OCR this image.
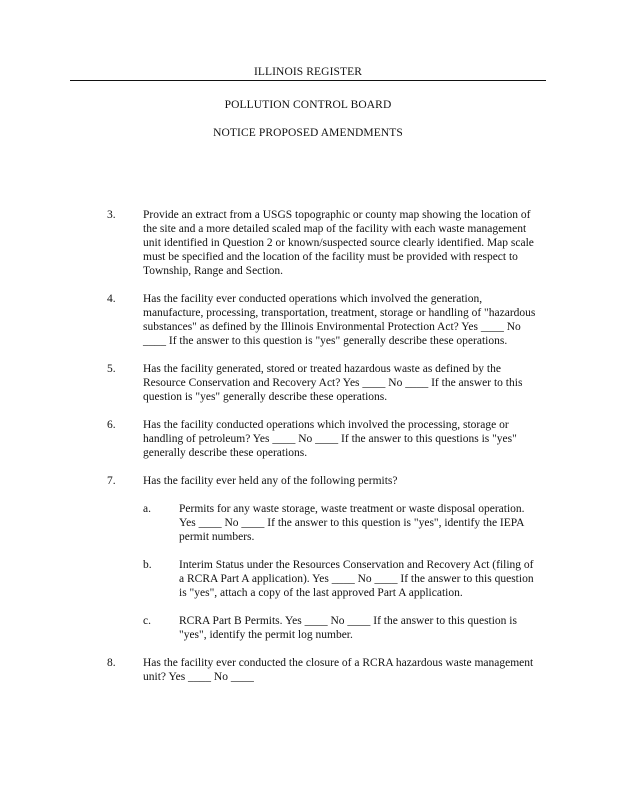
ILLINOIS REGISTER
POLLUTION CONTROL BOARD
NOTICE PROPOSED AMENDMENTS
3.	Provide an extract from a USGS topographic or county map showing the location of the site and a more detailed scaled map of the facility with each waste management unit identified in Question 2 or known/suspected source clearly identified. Map scale must be specified and the location of the facility must be provided with respect to Township, Range and Section.
4.	Has the facility ever conducted operations which involved the generation, manufacture, processing, transportation, treatment, storage or handling of "hazardous substances" as defined by the Illinois Environmental Protection Act? Yes ____ No ____ If the answer to this question is "yes" generally describe these operations.
5.	Has the facility generated, stored or treated hazardous waste as defined by the Resource Conservation and Recovery Act? Yes ____ No ____ If the answer to this question is "yes" generally describe these operations.
6.	Has the facility conducted operations which involved the processing, storage or handling of petroleum? Yes ____ No ____ If the answer to this questions is "yes" generally describe these operations.
7.	Has the facility ever held any of the following permits?
a.	Permits for any waste storage, waste treatment or waste disposal operation. Yes ____ No ____ If the answer to this question is "yes", identify the IEPA permit numbers.
b.	Interim Status under the Resources Conservation and Recovery Act (filing of a RCRA Part A application). Yes ____ No ____ If the answer to this question is "yes", attach a copy of the last approved Part A application.
c.	RCRA Part B Permits. Yes ____ No ____ If the answer to this question is "yes", identify the permit log number.
8.	Has the facility ever conducted the closure of a RCRA hazardous waste management unit? Yes ____ No ____
